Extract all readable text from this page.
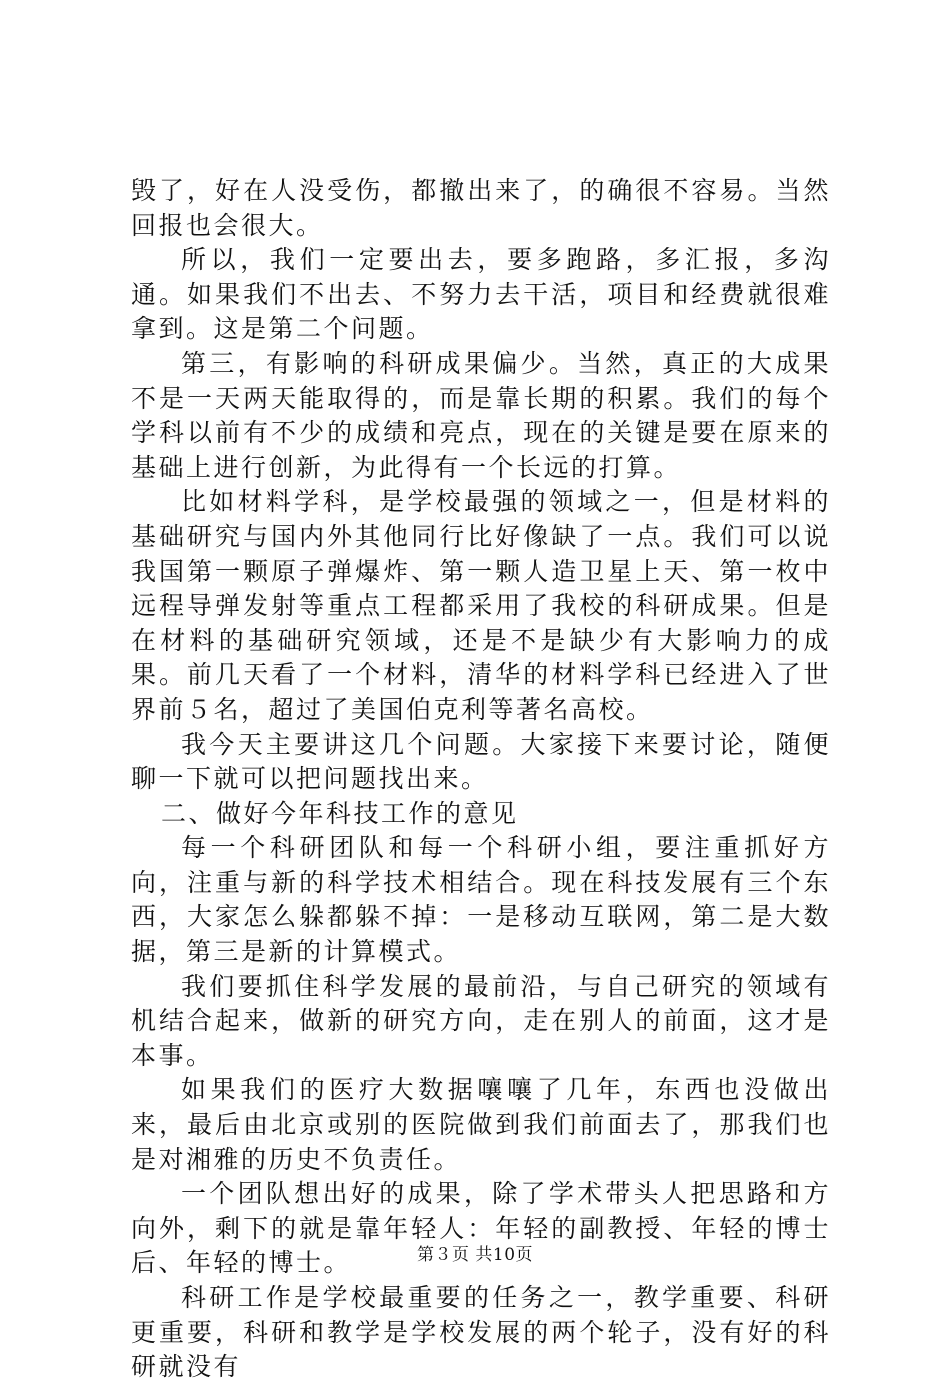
毁了，好在人没受伤，都撤出来了，的确很不容易。当然回报也会很大。

所以，我们一定要出去，要多跑路，多汇报，多沟通。如果我们不出去、不努力去干活，项目和经费就很难拿到。这是第二个问题。

第三，有影响的科研成果偏少。当然，真正的大成果不是一天两天能取得的，而是靠长期的积累。我们的每个学科以前有不少的成绩和亮点，现在的关键是要在原来的基础上进行创新，为此得有一个长远的打算。

比如材料学科，是学校最强的领域之一，但是材料的基础研究与国内外其他同行比好像缺了一点。我们可以说我国第一颗原子弹爆炸、第一颗人造卫星上天、第一枚中远程导弹发射等重点工程都采用了我校的科研成果。但是在材料的基础研究领域，还是不是缺少有大影响力的成果。前几天看了一个材料，清华的材料学科已经进入了世界前５名，超过了美国伯克利等著名高校。

我今天主要讲这几个问题。大家接下来要讨论，随便聊一下就可以把问题找出来。

二、做好今年科技工作的意见

每一个科研团队和每一个科研小组，要注重抓好方向，注重与新的科学技术相结合。现在科技发展有三个东西，大家怎么躲都躲不掉：一是移动互联网，第二是大数据，第三是新的计算模式。

我们要抓住科学发展的最前沿，与自己研究的领域有机结合起来，做新的研究方向，走在别人的前面，这才是本事。

如果我们的医疗大数据嚷嚷了几年，东西也没做出来，最后由北京或别的医院做到我们前面去了，那我们也是对湘雅的历史不负责任。

一个团队想出好的成果，除了学术带头人把思路和方向外，剩下的就是靠年轻人：年轻的副教授、年轻的博士后、年轻的博士。

科研工作是学校最重要的任务之一，教学重要、科研更重要，科研和教学是学校发展的两个轮子，没有好的科研就没有

第３页 共10页
